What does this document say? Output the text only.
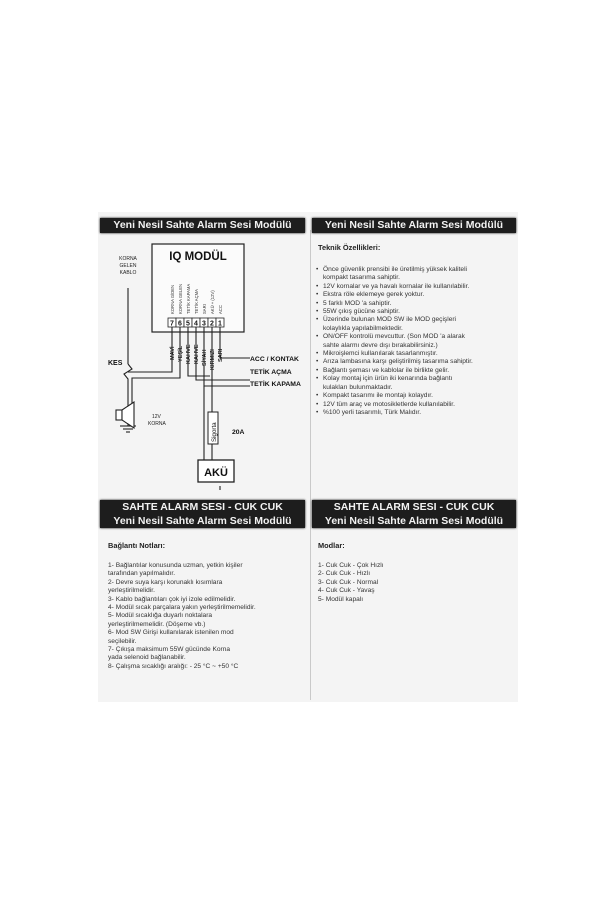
Yeni Nesil Sahte Alarm Sesi Modülü	Yeni Nesil Sahte Alarm Sesi Modülü
SAHTE ALARM SESI - CUK CUK
Yeni Nesil Sahte Alarm Sesi Modülü
SAHTE ALARM SESI - CUK CUK
Yeni Nesil Sahte Alarm Sesi Modülü
IQ MODÜL
KORNA GİDEN KORNA GELEN TETİK KAPAMA TETİK AÇMA SARI AKÜ + (12V) ACC
7 6 5 4 3 2 1
MAVİ YEŞİL KAHVE KAHVE SİYAH KIRMIZI SARI
KORNA
GELEN
KABLO
KES
12V
KORNA
ACC / KONTAK
TETİK AÇMA
TETİK KAPAMA
Sigorta 20A
AKÜ
Teknik Özellikleri:
• Önce güvenlik prensibi ile üretilmiş yüksek kaliteli
kompakt tasarıma sahiptir.
• 12V kornalar ve ya havalı kornalar ile kullanılabilir.
• Ekstra röle eklemeye gerek yoktur.
• 5 farklı MOD 'a sahiptir.
• 55W çıkış gücüne sahiptir.
• Üzerinde bulunan MOD SW ile MOD geçişleri
kolaylıkla yapılabilmektedir.
• ON/OFF kontrolü mevcuttur. (Son MOD 'a alarak
sahte alarmı devre dışı bırakabilirsiniz.)
• Mikroişlemci kullanılarak tasarlanmıştır.
• Arıza lambasına karşı geliştirilmiş tasarıma sahiptir.
• Bağlantı şeması ve kablolar ile birlikte gelir.
• Kolay montaj için ürün iki kenarında bağlantı
kulakları bulunmaktadır.
• Kompakt tasarımı ile montajı kolaydır.
• 12V tüm araç ve motosikletlerde kullanılabilir.
• %100 yerli tasarımlı, Türk Malıdır.
Bağlantı Notları:
1- Bağlantılar konusunda uzman, yetkin kişiler
tarafından yapılmalıdır.
2- Devre suya karşı korunaklı kısımlara
yerleştirilmelidir.
3- Kablo bağlantıları çok iyi izole edilmelidir.
4- Modül sıcak parçalara yakın yerleştirilmemelidir.
5- Modül sıcaklığa duyarlı noktalara
yerleştirilmemelidir. (Döşeme vb.)
6- Mod SW Girişi kullanılarak istenilen mod
seçilebilir.
7- Çıkışa maksimum 55W gücünde Korna
yada selenoid bağlanabilir.
8- Çalışma sıcaklığı aralığı: - 25 °C ~ +50 °C
Modlar:
1- Cuk Cuk - Çok Hızlı
2- Cuk Cuk - Hızlı
3- Cuk Cuk - Normal
4- Cuk Cuk - Yavaş
5- Modül kapalı
